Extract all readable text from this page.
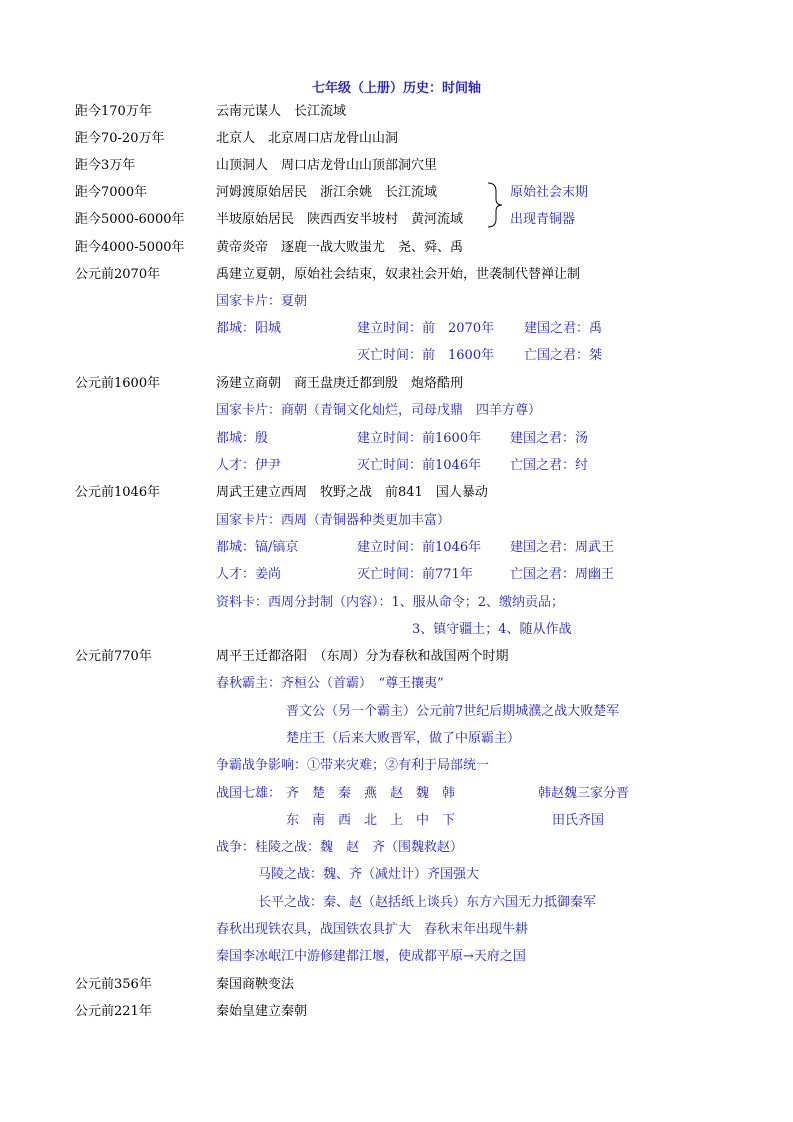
七年级（上册）历史：时间轴
距今170万年	云南元谋人　长江流域
距今70-20万年	北京人　北京周口店龙骨山山洞
距今3万年	山顶洞人　周口店龙骨山山顶部洞穴里
距今7000年	河姆渡原始居民　浙江余姚　长江流域
距今5000-6000年 半坡原始居民　陕西西安半坡村　黄河流域
原始社会末期
出现青铜器
距今4000-5000年 黄帝炎帝　逐鹿一战大败蚩尤　尧、舜、禹
公元前2070年	禹建立夏朝，原始社会结束，奴隶社会开始，世袭制代替禅让制
国家卡片：夏朝
都城：阳城	建立时间：前　2070年 建国之君：禹
灭亡时间：前　1600年 亡国之君：桀
公元前1600年	汤建立商朝　商王盘庚迁都到殷　炮烙酷刑
国家卡片：商朝（青铜文化灿烂，司母戊鼎　四羊方尊）
都城：殷	建立时间：前1600年 建国之君：汤
人才：伊尹	灭亡时间：前1046年 亡国之君：纣
公元前1046年	周武王建立西周　牧野之战　前841　国人暴动
国家卡片：西周（青铜器种类更加丰富）
都城：镐/镐京	建立时间：前1046年 建国之君：周武王
人才：姜尚	灭亡时间：前771年	亡国之君：周幽王
资料卡：西周分封制（内容）：1、服从命令；2、缴纳贡品；
3、镇守疆土；4、随从作战
公元前770年	周平王迁都洛阳　（东周）分为春秋和战国两个时期
春秋霸主：齐桓公（首霸）　“尊王攘夷”
晋文公（另一个霸主）公元前7世纪后期城濮之战大败楚军
楚庄王（后来大败晋军，做了中原霸主）
争霸战争影响：①带来灾难；②有利于局部统一
战国七雄： 齐　楚　秦　燕　赵　魏　韩	韩赵魏三家分晋
东　南　西　北　上　中　下	田氏齐国
战争：桂陵之战：魏　赵　齐（围魏救赵）
马陵之战：魏、齐（减灶计）齐国强大
长平之战：秦、赵（赵括纸上谈兵）东方六国无力抵御秦军
春秋出现铁农具，战国铁农具扩大　春秋末年出现牛耕
秦国李冰岷江中游修建都江堰，使成都平原→天府之国
公元前356年	秦国商鞅变法
公元前221年	秦始皇建立秦朝
